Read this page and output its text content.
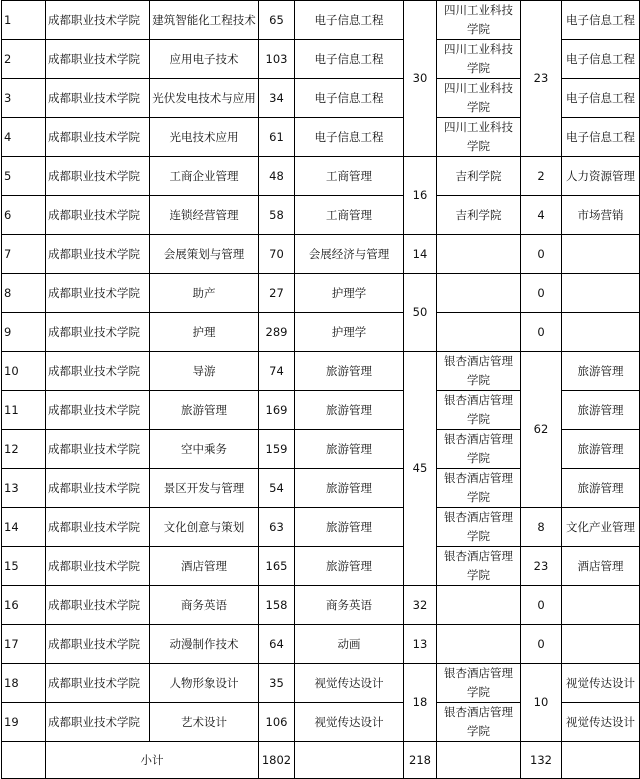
1	成都职业技术学院	建筑智能化工程技术	65	电子信息工程	30	四川工业科技学院	23	电子信息工程
2	成都职业技术学院	应用电子技术	103	电子信息工程		四川工业科技学院		电子信息工程
3	成都职业技术学院	光伏发电技术与应用	34	电子信息工程		四川工业科技学院		电子信息工程
4	成都职业技术学院	光电技术应用	61	电子信息工程		四川工业科技学院		电子信息工程
5	成都职业技术学院	工商企业管理	48	工商管理	16	吉利学院	2	人力资源管理
6	成都职业技术学院	连锁经营管理	58	工商管理		吉利学院	4	市场营销
7	成都职业技术学院	会展策划与管理	70	会展经济与管理	14		0	
8	成都职业技术学院	助产	27	护理学	50		0	
9	成都职业技术学院	护理	289	护理学			0	
10	成都职业技术学院	导游	74	旅游管理	45	银杏酒店管理学院	62	旅游管理
11	成都职业技术学院	旅游管理	169	旅游管理		银杏酒店管理学院		旅游管理
12	成都职业技术学院	空中乘务	159	旅游管理		银杏酒店管理学院		旅游管理
13	成都职业技术学院	景区开发与管理	54	旅游管理		银杏酒店管理学院		旅游管理
14	成都职业技术学院	文化创意与策划	63	旅游管理		银杏酒店管理学院	8	文化产业管理
15	成都职业技术学院	酒店管理	165	旅游管理		银杏酒店管理学院	23	酒店管理
16	成都职业技术学院	商务英语	158	商务英语	32		0	
17	成都职业技术学院	动漫制作技术	64	动画	13		0	
18	成都职业技术学院	人物形象设计	35	视觉传达设计	18	银杏酒店管理学院	10	视觉传达设计
19	成都职业技术学院	艺术设计	106	视觉传达设计		银杏酒店管理学院		视觉传达设计
	小计		1802		218		132	
